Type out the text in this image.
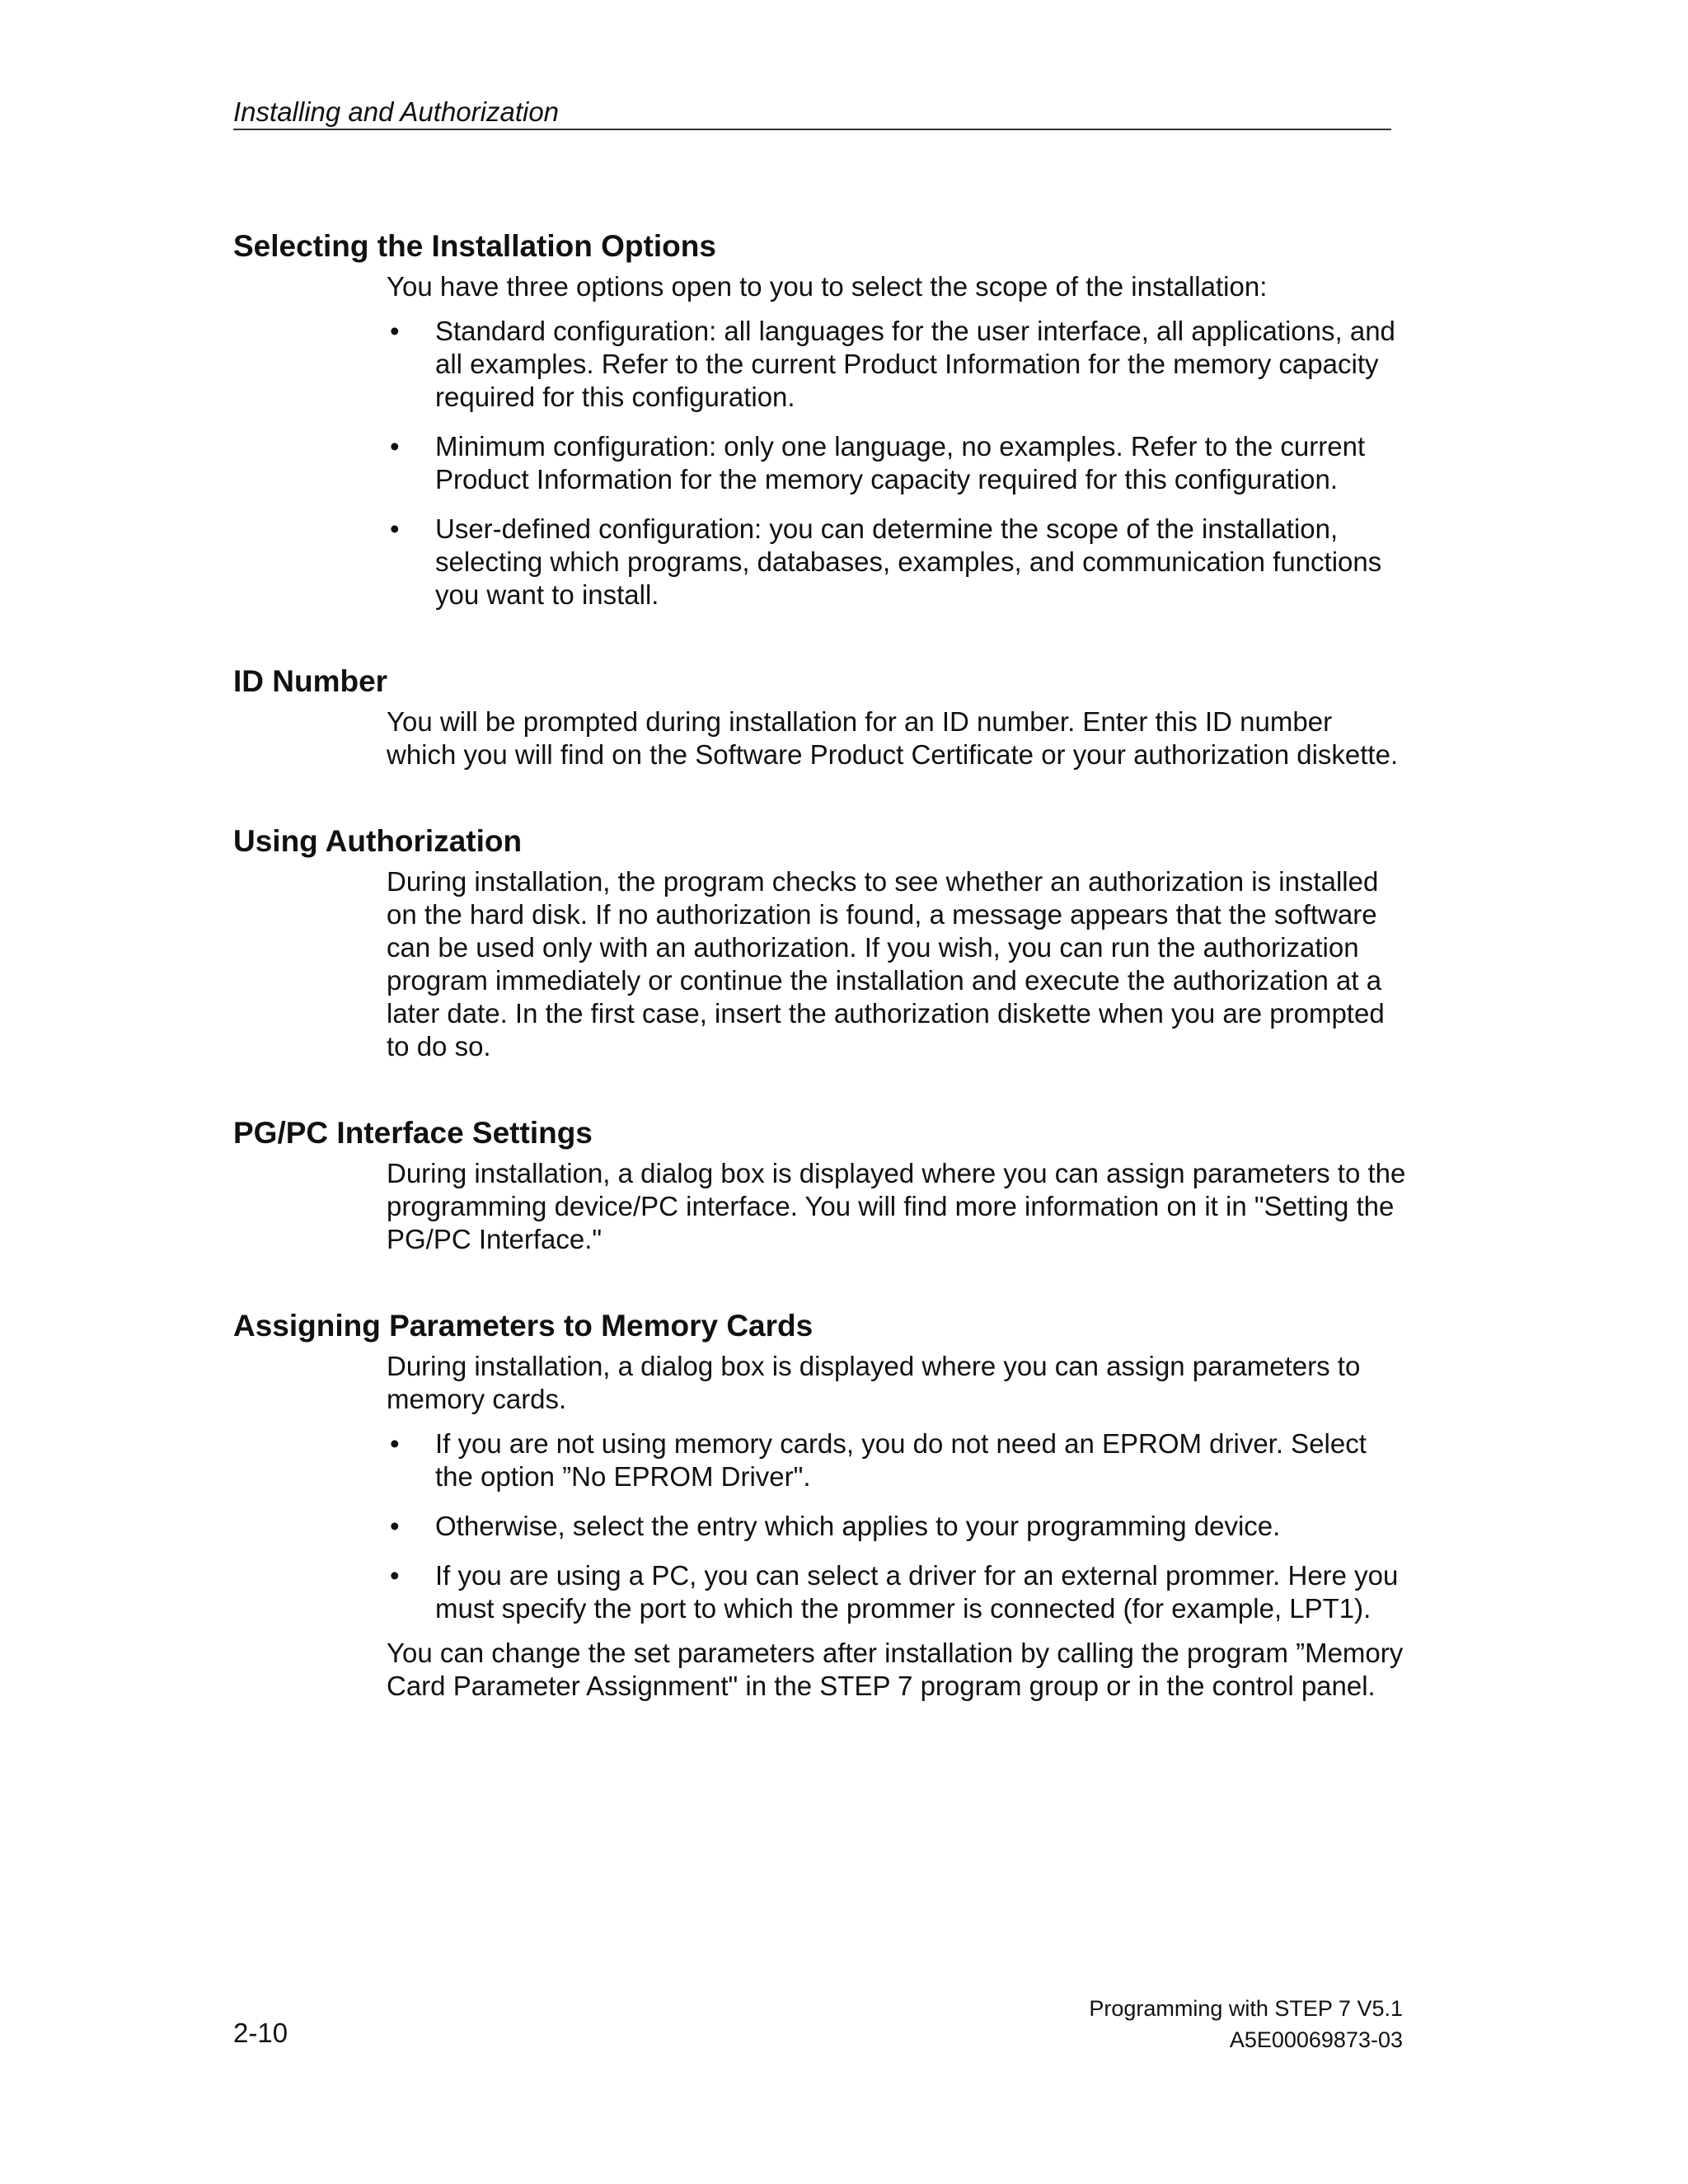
Installing and Authorization
Selecting the Installation Options

You have three options open to you to select the scope of the installation:

• Standard configuration: all languages for the user interface, all applications, and all examples. Refer to the current Product Information for the memory capacity required for this configuration.
• Minimum configuration: only one language, no examples. Refer to the current Product Information for the memory capacity required for this configuration.
• User-defined configuration: you can determine the scope of the installation, selecting which programs, databases, examples, and communication functions you want to install.
ID Number

You will be prompted during installation for an ID number. Enter this ID number which you will find on the Software Product Certificate or your authorization diskette.

Using Authorization

During installation, the program checks to see whether an authorization is installed on the hard disk. If no authorization is found, a message appears that the software can be used only with an authorization. If you wish, you can run the authorization program immediately or continue the installation and execute the authorization at a later date. In the first case, insert the authorization diskette when you are prompted to do so.

PG/PC Interface Settings

During installation, a dialog box is displayed where you can assign parameters to the programming device/PC interface. You will find more information on it in "Setting the PG/PC Interface."

Assigning Parameters to Memory Cards

During installation, a dialog box is displayed where you can assign parameters to memory cards.

• If you are not using memory cards, you do not need an EPROM driver. Select the option ”No EPROM Driver".
• Otherwise, select the entry which applies to your programming device.
• If you are using a PC, you can select a driver for an external prommer. Here you must specify the port to which the prommer is connected (for example, LPT1).

You can change the set parameters after installation by calling the program ”Memory Card Parameter Assignment" in the STEP 7 program group or in the control panel.

2-10
Programming with STEP 7 V5.1
A5E00069873-03
